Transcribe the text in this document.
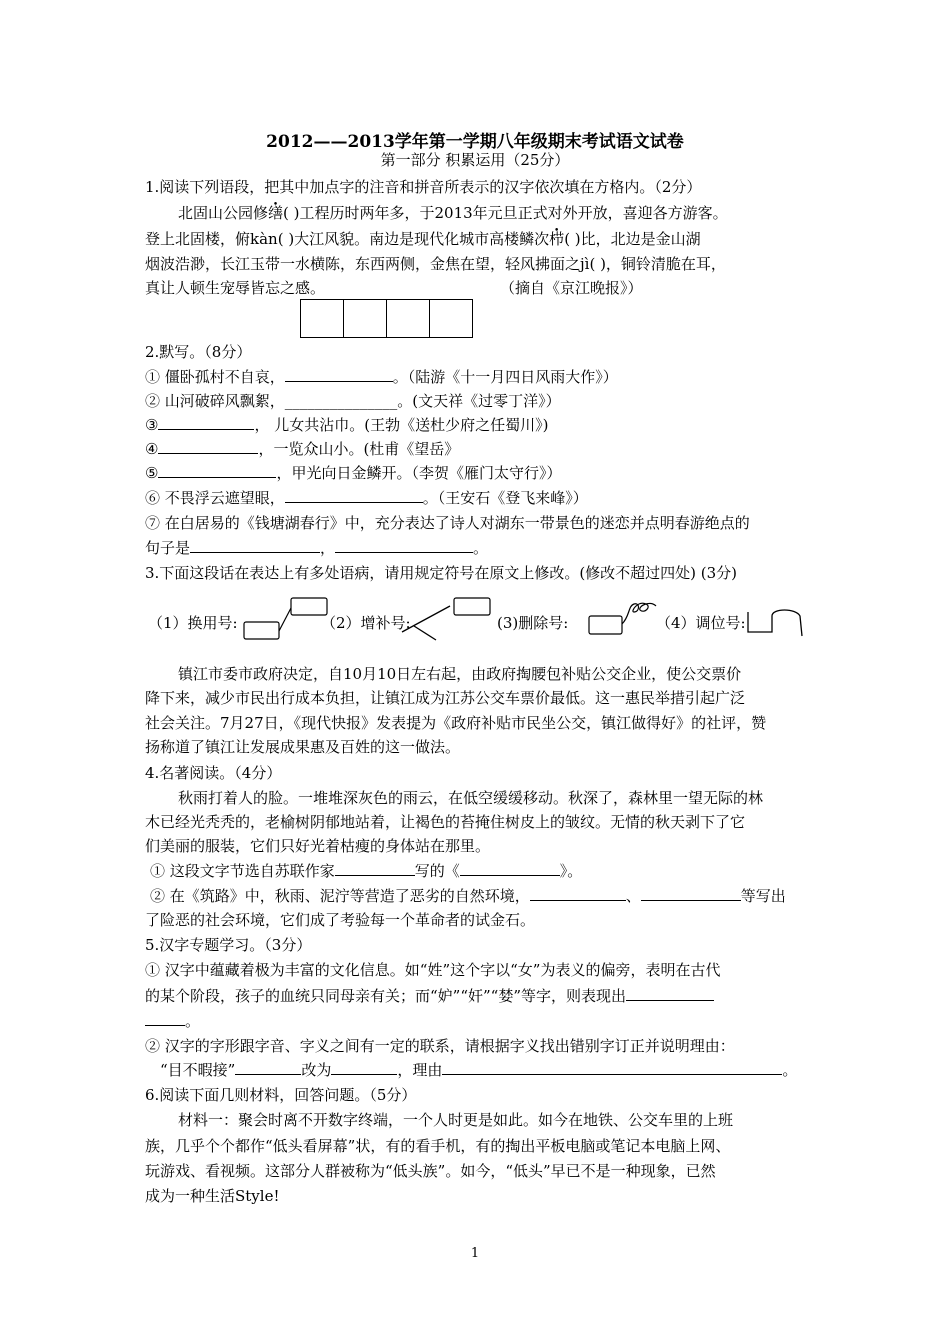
2012——2013学年第一学期八年级期末考试语文试卷
第一部分 积累运用（25分）
1.阅读下列语段，把其中加点字的注音和拼音所表示的汉字依次填在方格内。（2分）
北固山公园修缮( )工程历时两年多，于2013年元旦正式对外开放，喜迎各方游客。
登上北固楼，俯kàn( )大江风貌。南边是现代化城市高楼鳞次栉( )比，北边是金山湖
烟波浩渺，长江玉带一水横陈，东西两侧，金焦在望，轻风拂面之jì( )，铜铃清脆在耳，
真让人顿生宠辱皆忘之感。	（摘自《京江晚报》）
2.默写。（8分）
① 僵卧孤村不自哀，	。（陆游《十一月四日风雨大作》）
② 山河破碎风飘絮，_______________。(文天祥《过零丁洋》）
③	， 儿女共沾巾。(王勃《送杜少府之任蜀川》)
④	，一览众山小。(杜甫《望岳》
⑤	，甲光向日金鳞开。（李贺《雁门太守行》）
⑥ 不畏浮云遮望眼，	。（王安石《登飞来峰》）
⑦ 在白居易的《钱塘湖春行》中，充分表达了诗人对湖东一带景色的迷恋并点明春游绝点的
句子是	，	。
3.下面这段话在表达上有多处语病，请用规定符号在原文上修改。(修改不超过四处) (3分)
（1）换用号:	（2）增补号:	(3)删除号:	（4）调位号:
镇江市委市政府决定，自10月10日左右起，由政府掏腰包补贴公交企业，使公交票价
降下来，减少市民出行成本负担，让镇江成为江苏公交车票价最低。这一惠民举措引起广泛
社会关注。7月27日，《现代快报》发表提为《政府补贴市民坐公交，镇江做得好》的社评，赞
扬称道了镇江让发展成果惠及百姓的这一做法。
4.名著阅读。（4分）
秋雨打着人的脸。一堆堆深灰色的雨云，在低空缓缓移动。秋深了，森林里一望无际的林
木已经光秃秃的，老榆树阴郁地站着，让褐色的苔掩住树皮上的皱纹。无情的秋天剥下了它
们美丽的服装，它们只好光着枯瘦的身体站在那里。
① 这段文字节选自苏联作家	写的《	》。
② 在《筑路》中，秋雨、泥泞等营造了恶劣的自然环境，	、	等写出
了险恶的社会环境，它们成了考验每一个革命者的试金石。
5.汉字专题学习。（3分）
① 汉字中蕴藏着极为丰富的文化信息。如“姓”这个字以“女”为表义的偏旁，表明在古代
的某个阶段，孩子的血统只同母亲有关；而“妒”“奸”“婪”等字，则表现出
。
② 汉字的字形跟字音、字义之间有一定的联系，请根据字义找出错别字订正并说明理由：
“目不暇接”	改为	，理由	。
6.阅读下面几则材料，回答问题。（5分）
材料一：聚会时离不开数字终端，一个人时更是如此。如今在地铁、公交车里的上班
族，几乎个个都作“低头看屏幕”状，有的看手机，有的掏出平板电脑或笔记本电脑上网、
玩游戏、看视频。这部分人群被称为“低头族”。如今，“低头”早已不是一种现象，已然
成为一种生活Style!
1
